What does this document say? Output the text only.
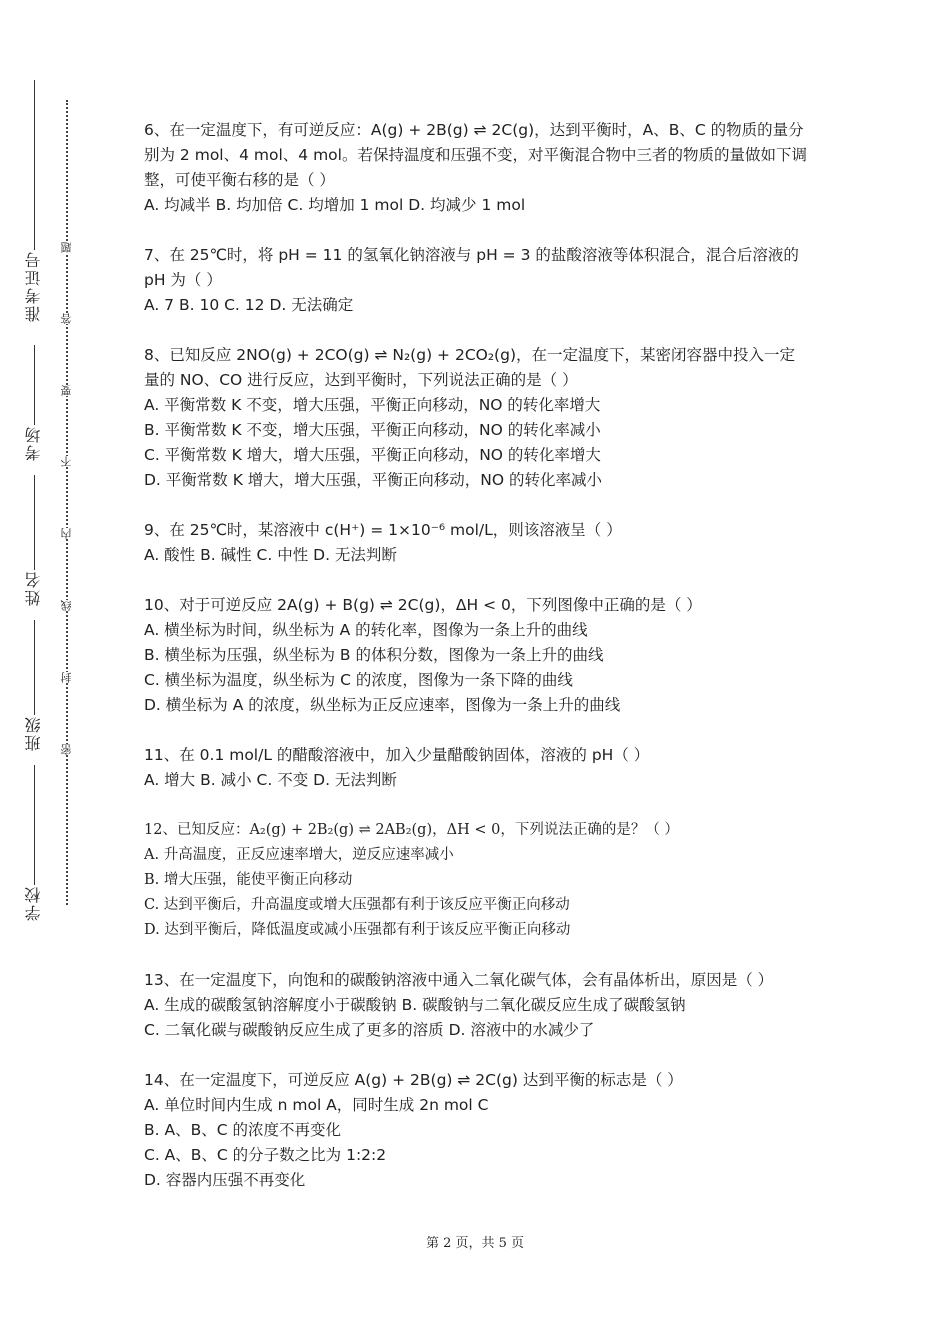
准考证号
考场
姓名
班级
学校
题
答
要
不
内
线
封
密
6、在一定温度下，有可逆反应：A(g) + 2B(g) ⇌ 2C(g)，达到平衡时，A、B、C 的物质的量分别为 2 mol、4 mol、4 mol。若保持温度和压强不变，对平衡混合物中三者的物质的量做如下调整，可使平衡右移的是（ ）
A. 均减半 B. 均加倍 C. 均增加 1 mol D. 均减少 1 mol
7、在 25℃时，将 pH = 11 的氢氧化钠溶液与 pH = 3 的盐酸溶液等体积混合，混合后溶液的 pH 为（ ）
A. 7 B. 10 C. 12 D. 无法确定
8、已知反应 2NO(g) + 2CO(g) ⇌ N₂(g) + 2CO₂(g)，在一定温度下，某密闭容器中投入一定量的 NO、CO 进行反应，达到平衡时，下列说法正确的是（ ）
A. 平衡常数 K 不变，增大压强，平衡正向移动，NO 的转化率增大
B. 平衡常数 K 不变，增大压强，平衡正向移动，NO 的转化率减小
C. 平衡常数 K 增大，增大压强，平衡正向移动，NO 的转化率增大
D. 平衡常数 K 增大，增大压强，平衡正向移动，NO 的转化率减小
9、在 25℃时，某溶液中 c(H⁺) = 1×10⁻⁶ mol/L，则该溶液呈（ ）
A. 酸性 B. 碱性 C. 中性 D. 无法判断
10、对于可逆反应 2A(g) + B(g) ⇌ 2C(g)，ΔH < 0，下列图像中正确的是（ ）
A. 横坐标为时间，纵坐标为 A 的转化率，图像为一条上升的曲线
B. 横坐标为压强，纵坐标为 B 的体积分数，图像为一条上升的曲线
C. 横坐标为温度，纵坐标为 C 的浓度，图像为一条下降的曲线
D. 横坐标为 A 的浓度，纵坐标为正反应速率，图像为一条上升的曲线
11、在 0.1 mol/L 的醋酸溶液中，加入少量醋酸钠固体，溶液的 pH（ ）
A. 增大 B. 减小 C. 不变 D. 无法判断
12、已知反应：A₂(g) + 2B₂(g) ⇌ 2AB₂(g)，ΔH < 0，下列说法正确的是？（ ）
A. 升高温度，正反应速率增大，逆反应速率减小
B. 增大压强，能使平衡正向移动
C. 达到平衡后，升高温度或增大压强都有利于该反应平衡正向移动
D. 达到平衡后，降低温度或减小压强都有利于该反应平衡正向移动
13、在一定温度下，向饱和的碳酸钠溶液中通入二氧化碳气体，会有晶体析出，原因是（ ）
A. 生成的碳酸氢钠溶解度小于碳酸钠 B. 碳酸钠与二氧化碳反应生成了碳酸氢钠
C. 二氧化碳与碳酸钠反应生成了更多的溶质 D. 溶液中的水减少了
14、在一定温度下，可逆反应 A(g) + 2B(g) ⇌ 2C(g) 达到平衡的标志是（ ）
A. 单位时间内生成 n mol A，同时生成 2n mol C
B. A、B、C 的浓度不再变化
C. A、B、C 的分子数之比为 1:2:2
D. 容器内压强不再变化
第 2 页，共 5 页
